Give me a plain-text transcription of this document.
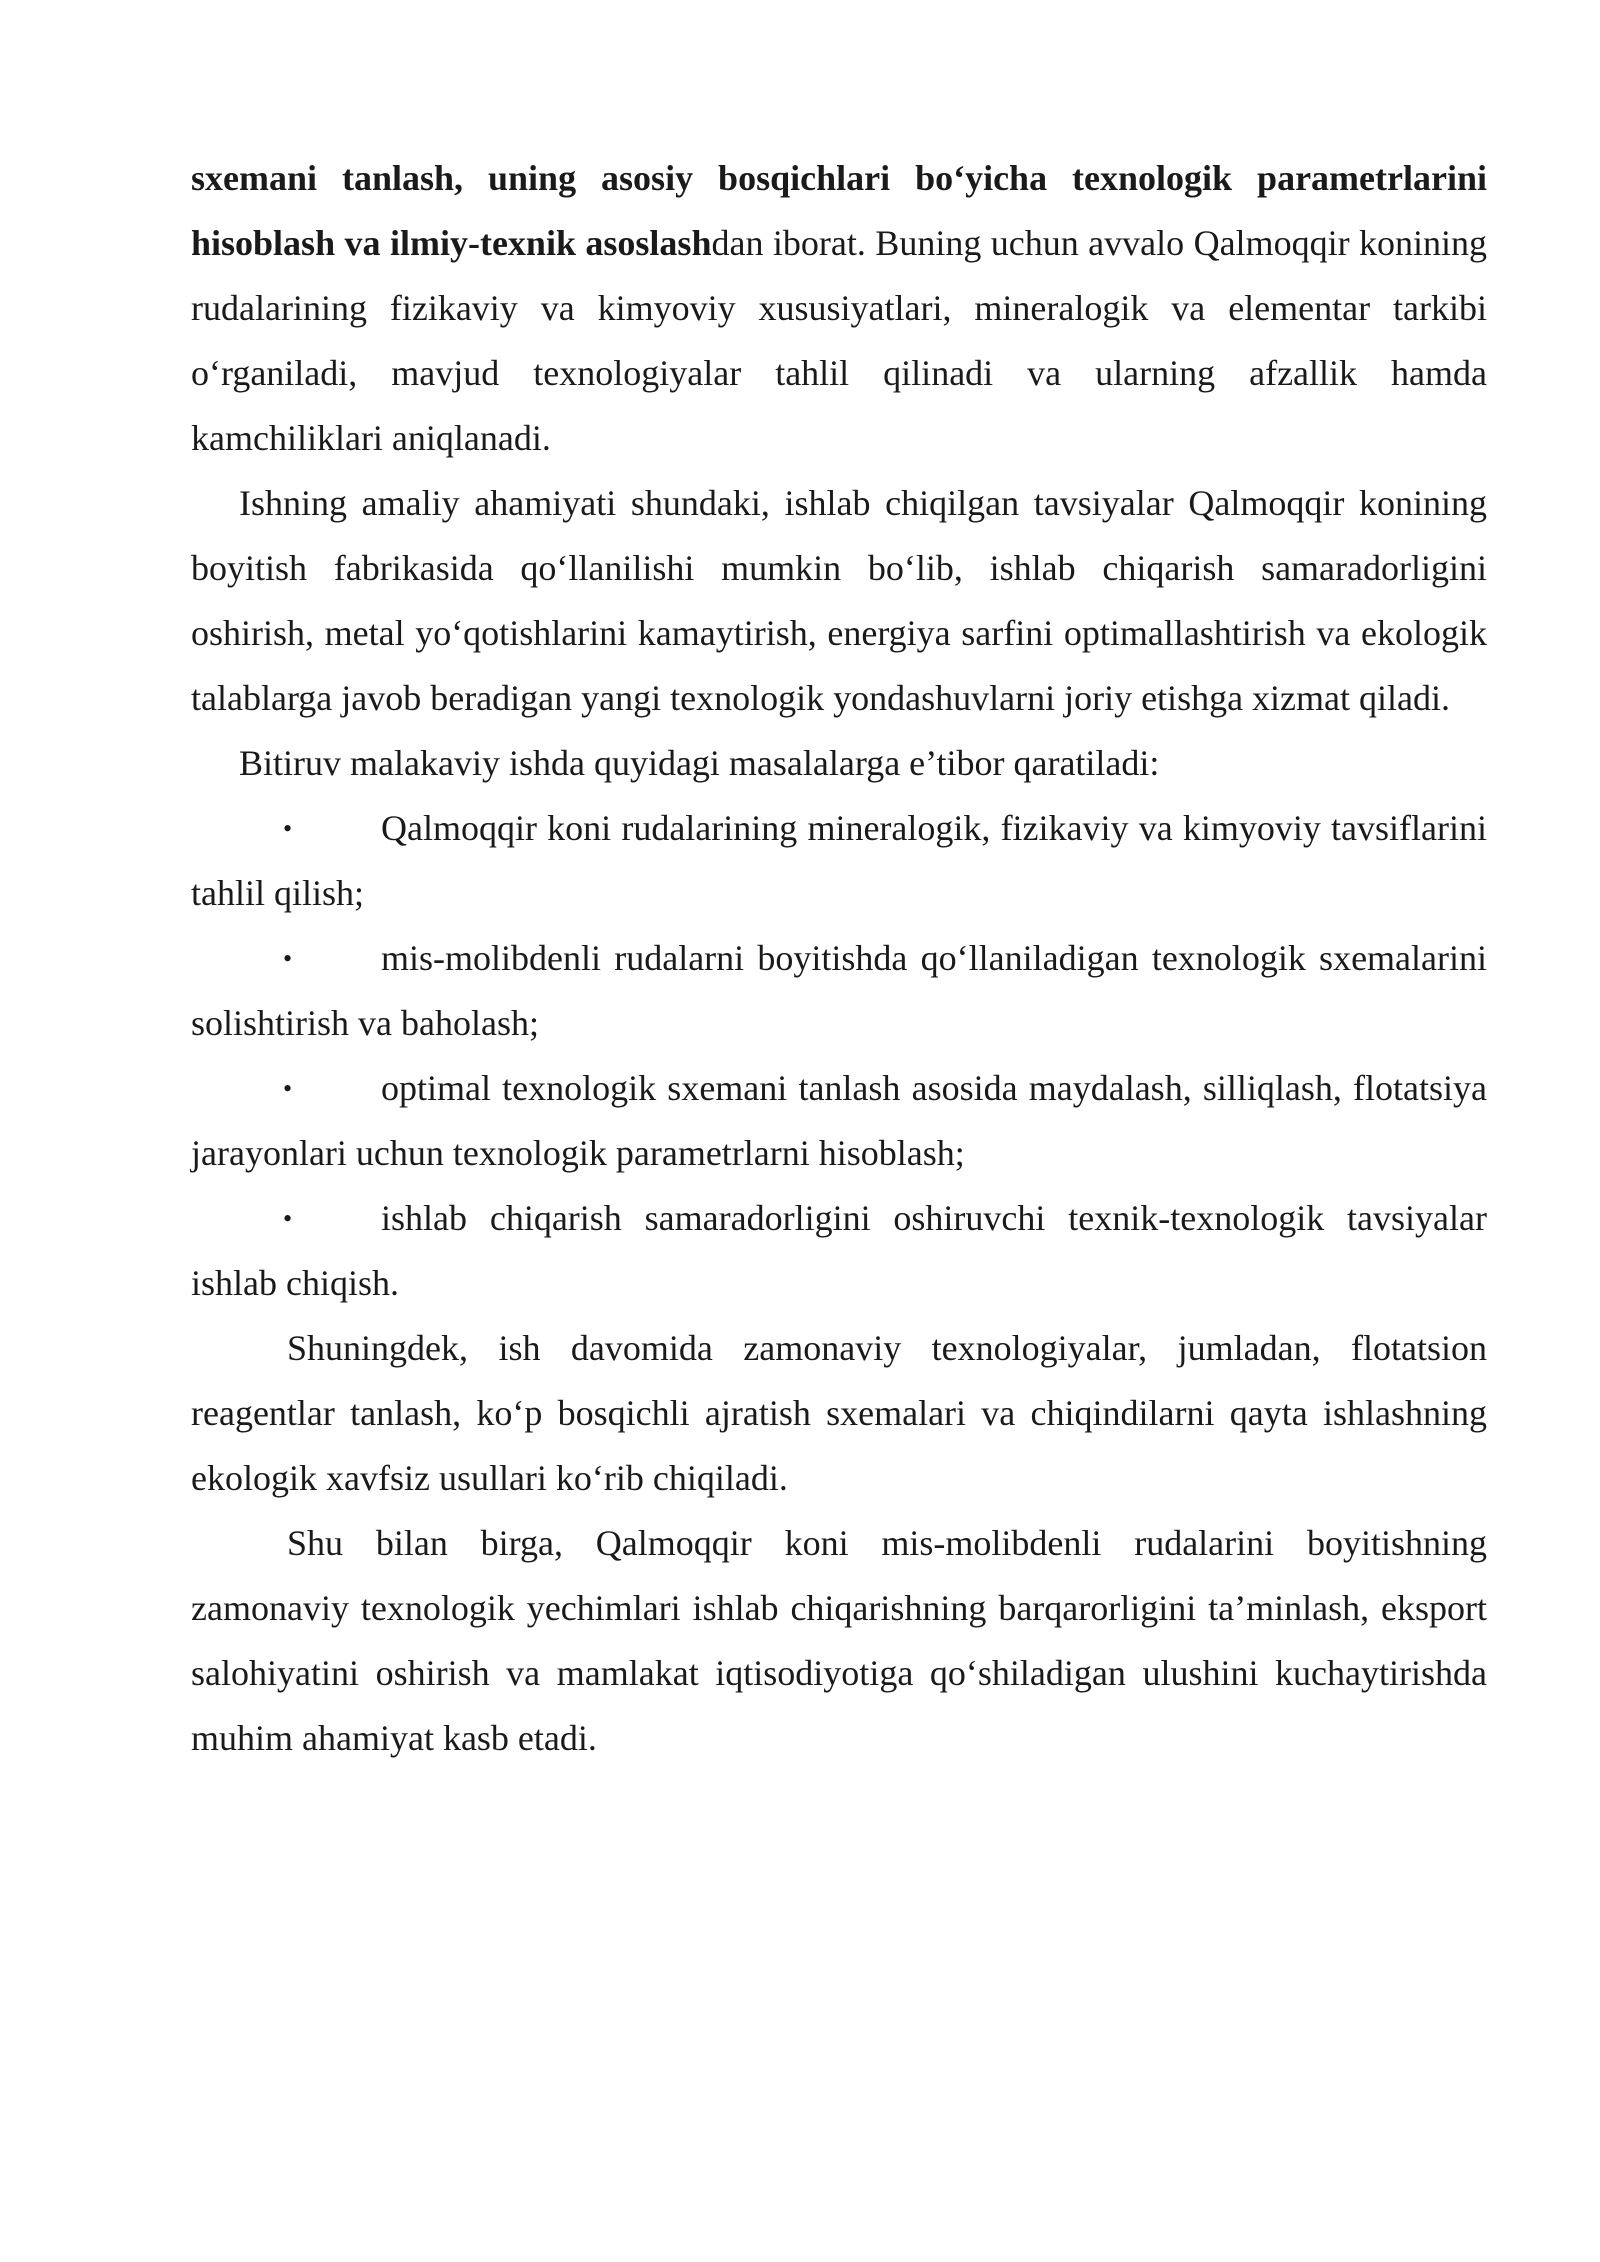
sxemani tanlash, uning asosiy bosqichlari bo‘yicha texnologik parametrlarini hisoblash va ilmiy-texnik asoslashdan iborat. Buning uchun avvalo Qalmoqqir konining rudalarining fizikaviy va kimyoviy xususiyatlari, mineralogik va elementar tarkibi o‘rganiladi, mavjud texnologiyalar tahlil qilinadi va ularning afzallik hamda kamchiliklari aniqlanadi.

Ishning amaliy ahamiyati shundaki, ishlab chiqilgan tavsiyalar Qalmoqqir konining boyitish fabrikasida qo‘llanilishi mumkin bo‘lib, ishlab chiqarish samaradorligini oshirish, metal yo‘qotishlarini kamaytirish, energiya sarfini optimallashtirish va ekologik talablarga javob beradigan yangi texnologik yondashuvlarni joriy etishga xizmat qiladi.

Bitiruv malakaviy ishda quyidagi masalalarga e’tibor qaratiladi:

• Qalmoqqir koni rudalarining mineralogik, fizikaviy va kimyoviy tavsiflarini tahlil qilish;

• mis-molibdenli rudalarni boyitishda qo‘llaniladigan texnologik sxemalarini solishtirish va baholash;

• optimal texnologik sxemani tanlash asosida maydalash, silliqlash, flotatsiya jarayonlari uchun texnologik parametrlarni hisoblash;

• ishlab chiqarish samaradorligini oshiruvchi texnik-texnologik tavsiyalar ishlab chiqish.

Shuningdek, ish davomida zamonaviy texnologiyalar, jumladan, flotatsion reagentlar tanlash, ko‘p bosqichli ajratish sxemalari va chiqindilarni qayta ishlashning ekologik xavfsiz usullari ko‘rib chiqiladi.

Shu bilan birga, Qalmoqqir koni mis-molibdenli rudalarini boyitishning zamonaviy texnologik yechimlari ishlab chiqarishning barqarorligini ta’minlash, eksport salohiyatini oshirish va mamlakat iqtisodiyotiga qo‘shiladigan ulushini kuchaytirishda muhim ahamiyat kasb etadi.
